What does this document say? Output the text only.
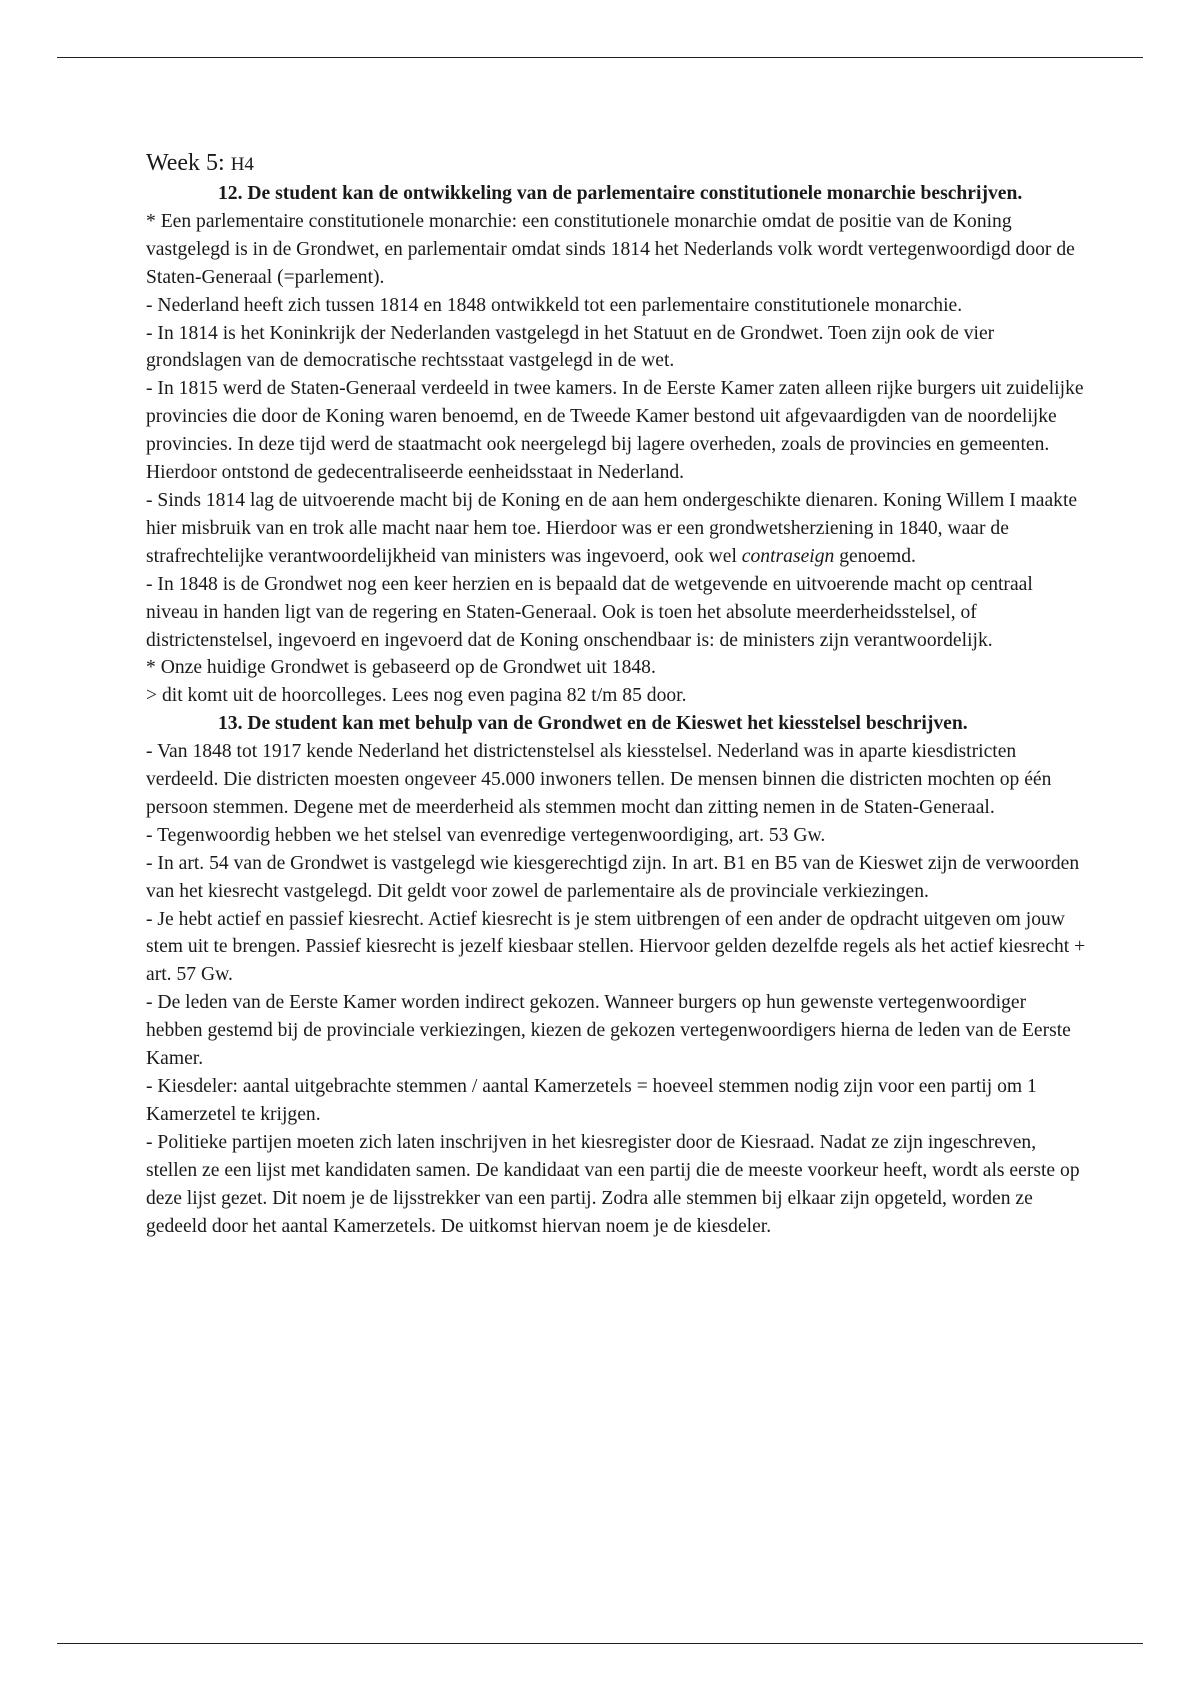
Week 5: H4
12. De student kan de ontwikkeling van de parlementaire constitutionele monarchie beschrijven.

* Een parlementaire constitutionele monarchie: een constitutionele monarchie omdat de positie van de Koning vastgelegd is in de Grondwet, en parlementair omdat sinds 1814 het Nederlands volk wordt vertegenwoordigd door de Staten-Generaal (=parlement).

- Nederland heeft zich tussen 1814 en 1848 ontwikkeld tot een parlementaire constitutionele monarchie.

- In 1814 is het Koninkrijk der Nederlanden vastgelegd in het Statuut en de Grondwet. Toen zijn ook de vier grondslagen van de democratische rechtsstaat vastgelegd in de wet.

- In 1815 werd de Staten-Generaal verdeeld in twee kamers. In de Eerste Kamer zaten alleen rijke burgers uit zuidelijke provincies die door de Koning waren benoemd, en de Tweede Kamer bestond uit afgevaardigden van de noordelijke provincies. In deze tijd werd de staatmacht ook neergelegd bij lagere overheden, zoals de provincies en gemeenten. Hierdoor ontstond de gedecentraliseerde eenheidsstaat in Nederland.

- Sinds 1814 lag de uitvoerende macht bij de Koning en de aan hem ondergeschikte dienaren. Koning Willem I maakte hier misbruik van en trok alle macht naar hem toe. Hierdoor was er een grondwetsherziening in 1840, waar de strafrechtelijke verantwoordelijkheid van ministers was ingevoerd, ook wel contraseign genoemd.

- In 1848 is de Grondwet nog een keer herzien en is bepaald dat de wetgevende en uitvoerende macht op centraal niveau in handen ligt van de regering en Staten-Generaal. Ook is toen het absolute meerderheidsstelsel, of districtenstelsel, ingevoerd en ingevoerd dat de Koning onschendbaar is: de ministers zijn verantwoordelijk.

* Onze huidige Grondwet is gebaseerd op de Grondwet uit 1848.

> dit komt uit de hoorcolleges. Lees nog even pagina 82 t/m 85 door.

13. De student kan met behulp van de Grondwet en de Kieswet het kiesstelsel beschrijven.

- Van 1848 tot 1917 kende Nederland het districtenstelsel als kiesstelsel. Nederland was in aparte kiesdistricten verdeeld. Die districten moesten ongeveer 45.000 inwoners tellen. De mensen binnen die districten mochten op één persoon stemmen. Degene met de meerderheid als stemmen mocht dan zitting nemen in de Staten-Generaal.

- Tegenwoordig hebben we het stelsel van evenredige vertegenwoordiging, art. 53 Gw.

- In art. 54 van de Grondwet is vastgelegd wie kiesgerechtigd zijn. In art. B1 en B5 van de Kieswet zijn de verwoorden van het kiesrecht vastgelegd. Dit geldt voor zowel de parlementaire als de provinciale verkiezingen.

- Je hebt actief en passief kiesrecht. Actief kiesrecht is je stem uitbrengen of een ander de opdracht uitgeven om jouw stem uit te brengen. Passief kiesrecht is jezelf kiesbaar stellen. Hiervoor gelden dezelfde regels als het actief kiesrecht + art. 57 Gw.

- De leden van de Eerste Kamer worden indirect gekozen. Wanneer burgers op hun gewenste vertegenwoordiger hebben gestemd bij de provinciale verkiezingen, kiezen de gekozen vertegenwoordigers hierna de leden van de Eerste Kamer.

- Kiesdeler: aantal uitgebrachte stemmen / aantal Kamerzetels = hoeveel stemmen nodig zijn voor een partij om 1 Kamerzetel te krijgen.

- Politieke partijen moeten zich laten inschrijven in het kiesregister door de Kiesraad. Nadat ze zijn ingeschreven, stellen ze een lijst met kandidaten samen. De kandidaat van een partij die de meeste voorkeur heeft, wordt als eerste op deze lijst gezet. Dit noem je de lijsstrekker van een partij. Zodra alle stemmen bij elkaar zijn opgeteld, worden ze gedeeld door het aantal Kamerzetels. De uitkomst hiervan noem je de kiesdeler.
